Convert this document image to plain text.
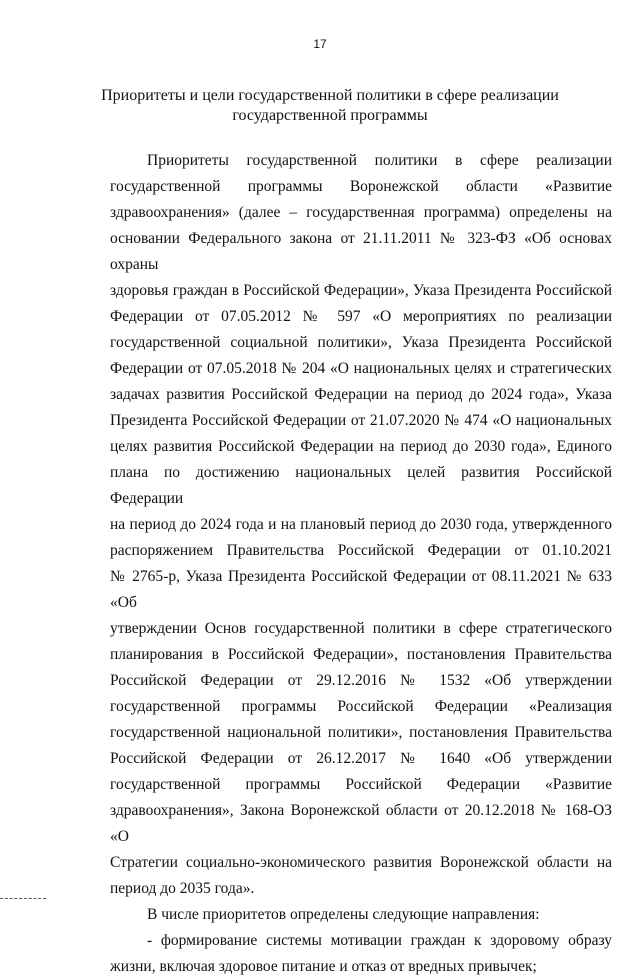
17
Приоритеты и цели государственной политики в сфере реализации
государственной программы
Приоритеты государственной политики в сфере реализации
государственной программы Воронежской области «Развитие
здравоохранения» (далее – государственная программа) определены на
основании Федерального закона от 21.11.2011 № 323-ФЗ «Об основах охраны
здоровья граждан в Российской Федерации», Указа Президента Российской
Федерации от 07.05.2012 № 597 «О мероприятиях по реализации
государственной социальной политики», Указа Президента Российской
Федерации от 07.05.2018 № 204 «О национальных целях и стратегических
задачах развития Российской Федерации на период до 2024 года», Указа
Президента Российской Федерации от 21.07.2020 № 474 «О национальных
целях развития Российской Федерации на период до 2030 года», Единого
плана по достижению национальных целей развития Российской Федерации
на период до 2024 года и на плановый период до 2030 года, утвержденного
распоряжением Правительства Российской Федерации от 01.10.2021
№ 2765-р, Указа Президента Российской Федерации от 08.11.2021 № 633 «Об
утверждении Основ государственной политики в сфере стратегического
планирования в Российской Федерации», постановления Правительства
Российской Федерации от 29.12.2016 № 1532 «Об утверждении
государственной программы Российской Федерации «Реализация
государственной национальной политики», постановления Правительства
Российской Федерации от 26.12.2017 № 1640 «Об утверждении
государственной программы Российской Федерации «Развитие
здравоохранения», Закона Воронежской области от 20.12.2018 № 168-ОЗ «О
Стратегии социально-экономического развития Воронежской области на
период до 2035 года».
В числе приоритетов определены следующие направления:
- формирование системы мотивации граждан к здоровому образу
жизни, включая здоровое питание и отказ от вредных привычек;
